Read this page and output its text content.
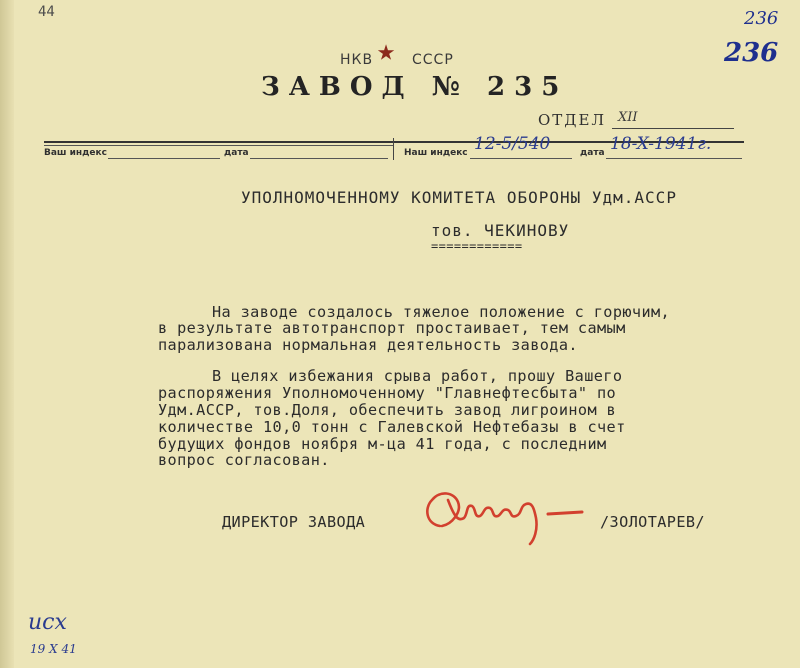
44	236
236
НКВ ★ СССР
ЗАВОД № 235
ОТДЕЛ ХII
Ваш индекс	дата	Наш индекс 12-5/540	дата 18-X-1941г.
УПОЛНОМОЧЕННОМУ КОМИТЕТА ОБОРОНЫ Удм.АССР
тов. ЧЕКИНОВУ
============
На заводе создалось тяжелое положение с горючим,
в результате автотранспорт простаивает, тем самым
парализована нормальная деятельность завода.
В целях избежания срыва работ, прошу Вашего
распоряжения Уполномоченному "Главнефтесбыта" по
Удм.АССР, тов.Доля, обеспечить завод лигроином в
количестве 10,0 тонн с Галевской Нефтебазы в счет
будущих фондов ноября м-ца 41 года, с последним
вопрос согласован.
ДИРЕКТОР ЗАВОДА	/ЗОЛОТАРЕВ/
исх
19 Х 41
